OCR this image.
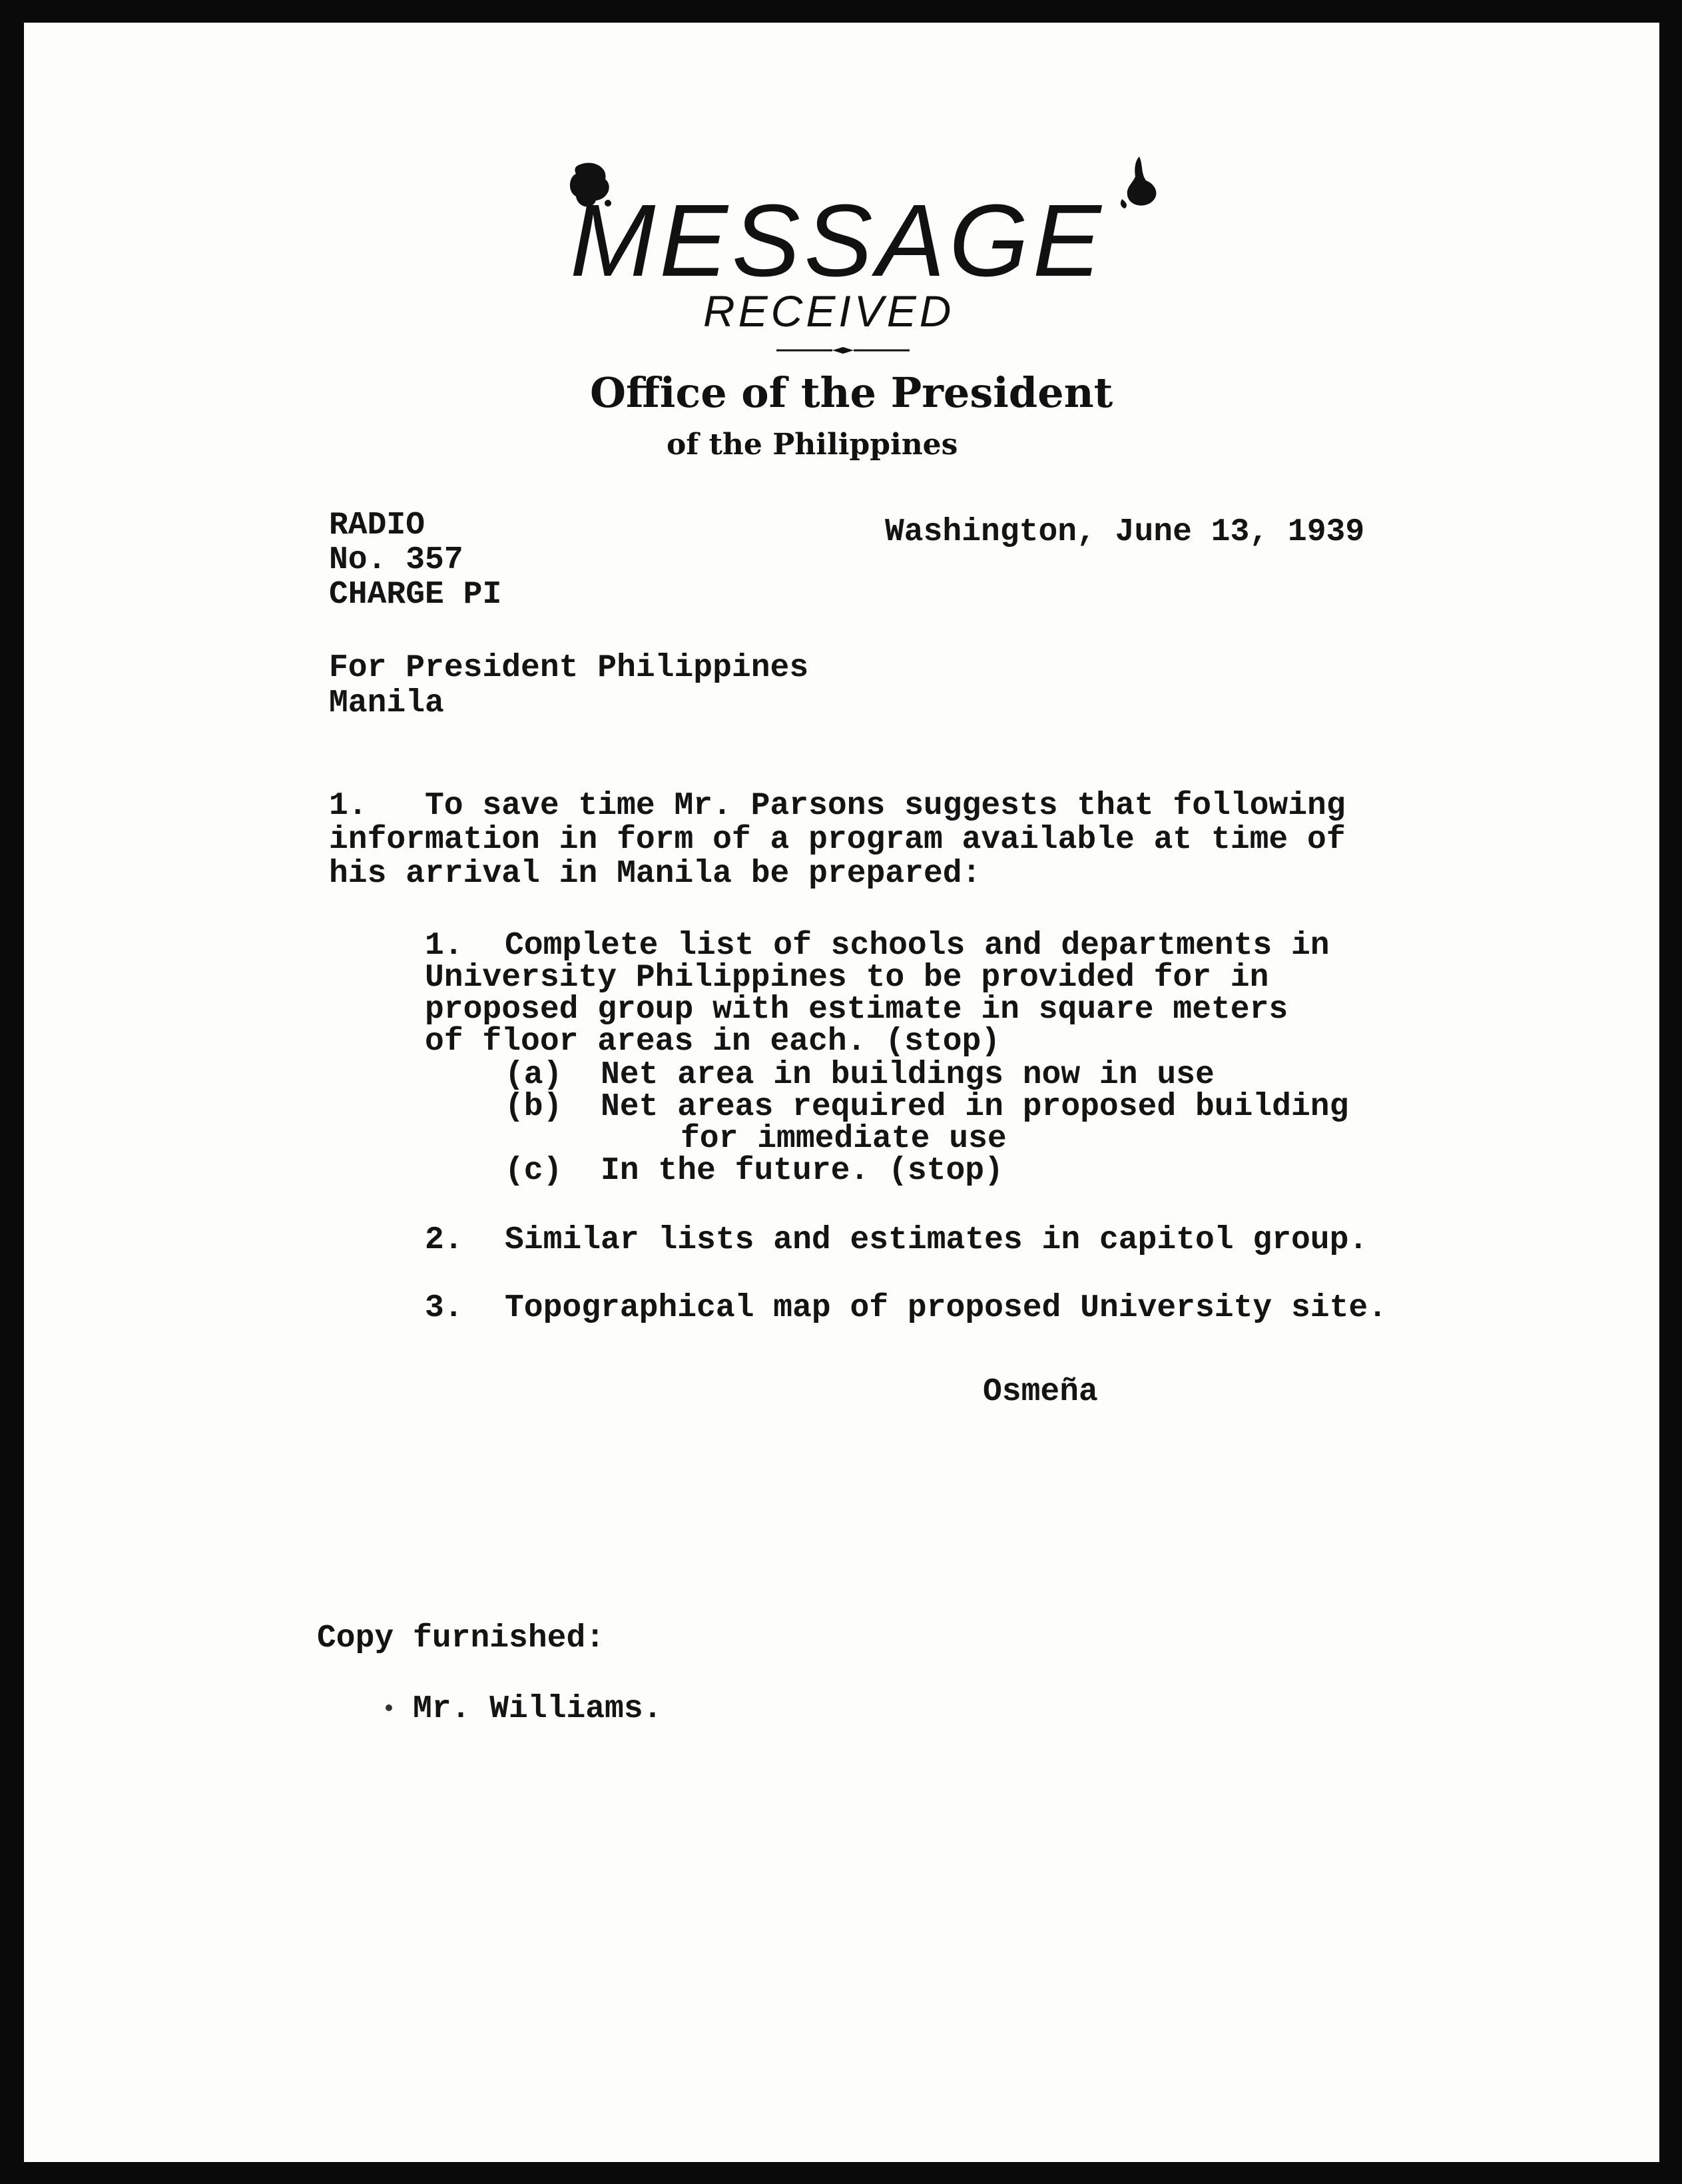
MESSAGE
RECEIVED
Office of the President
of the Philippines
RADIO
No. 357
CHARGE PI
Washington, June 13, 1939
For President Philippines
Manila
1. To save time Mr. Parsons suggests that following
information in form of a program available at time of
his arrival in Manila be prepared:
1. Complete list of schools and departments in
University Philippines to be provided for in
proposed group with estimate in square meters
of floor areas in each. (stop)
(a) Net area in buildings now in use
(b) Net areas required in proposed building
for immediate use
(c) In the future. (stop)
2. Similar lists and estimates in capitol group.
3. Topographical map of proposed University site.
Osmeña
Copy furnished:
Mr. Williams.
